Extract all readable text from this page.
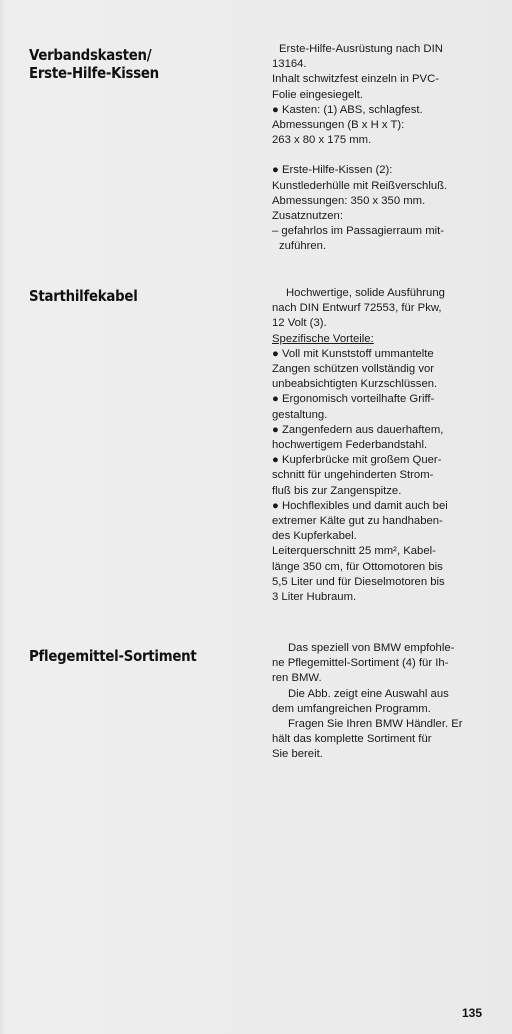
Verbandskasten/
Erste-Hilfe-Kissen

Erste-Hilfe-Ausrüstung nach DIN

13164.

Inhalt schwitzfest einzeln in PVC-

Folie eingesiegelt.

● Kasten: (1) ABS, schlagfest.

Abmessungen (B x H x T):

263 x 80 x 175 mm.

● Erste-Hilfe-Kissen (2):

Kunstlederhülle mit Reißverschluß.

Abmessungen: 350 x 350 mm.

Zusatznutzen:

– gefahrlos im Passagierraum mit-

zuführen.

Starthilfekabel	Hochwertige, solide Ausführung

nach DIN Entwurf 72553, für Pkw,

12 Volt (3).

Spezifische Vorteile:

● Voll mit Kunststoff ummantelte

Zangen schützen vollständig vor

unbeabsichtigten Kurzschlüssen.

● Ergonomisch vorteilhafte Griff-

gestaltung.

● Zangenfedern aus dauerhaftem,

hochwertigem Federbandstahl.

● Kupferbrücke mit großem Quer-

schnitt für ungehinderten Strom-

fluß bis zur Zangenspitze.

● Hochflexibles und damit auch bei

extremer Kälte gut zu handhaben-

des Kupferkabel.

Leiterquerschnitt 25 mm², Kabel-

länge 350 cm, für Ottomotoren bis

5,5 Liter und für Dieselmotoren bis

3 Liter Hubraum.

Pflegemittel-Sortiment	Das speziell von BMW empfohle-

ne Pflegemittel-Sortiment (4) für Ih-

ren BMW.

Die Abb. zeigt eine Auswahl aus

dem umfangreichen Programm.

Fragen Sie Ihren BMW Händler. Er

hält das komplette Sortiment für

Sie bereit.

135
